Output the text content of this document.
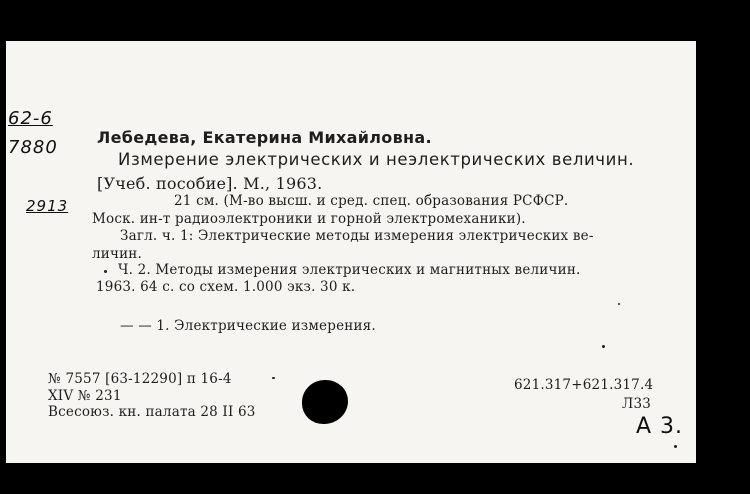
62-6
7880
2913
Лебедева, Екатерина Михайловна.
Измерение электрических и неэлектрических величин.
[Учеб. пособие]. М., 1963.
21 см. (М-во высш. и сред. спец. образования РСФСР.
Моск. ин-т радиоэлектроники и горной электромеханики).
Загл. ч. 1: Электрические методы измерения электрических ве-
личин.
Ч. 2. Методы измерения электрических и магнитных величин.
1963. 64 с. со схем. 1.000 экз. 30 к.
— — 1. Электрические измерения.
№ 7557 [63-12290] п 16-4
XIV № 231
Всесоюз. кн. палата 28 II 63
621.317+621.317.4
Л33
А 3.
